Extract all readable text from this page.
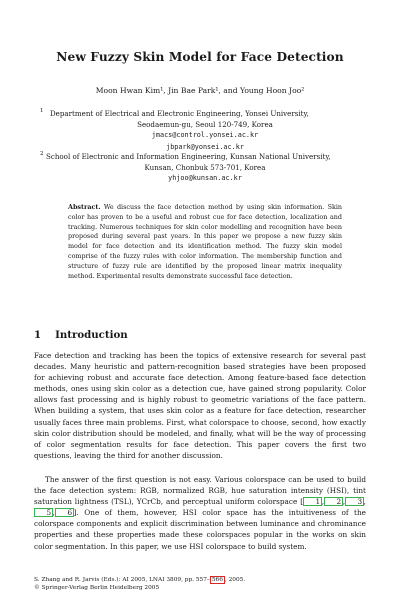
New Fuzzy Skin Model for Face Detection
Moon Hwan Kim¹, Jin Bae Park¹, and Young Hoon Joo²
1 Department of Electrical and Electronic Engineering, Yonsei University,
Seodaemun-gu, Seoul 120-749, Korea
jmacs@control.yonsei.ac.kr
jbpark@yonsei.ac.kr
2 School of Electronic and Information Engineering, Kunsan National University,
Kunsan, Chonbuk 573-701, Korea
yhjoo@kunsan.ac.kr
Abstract. We discuss the face detection method by using skin information. Skin color has proven to be a useful and robust cue for face detection, localization and tracking. Numerous techniques for skin color modelling and recognition have been proposed during several past years. In this paper we propose a new fuzzy skin model for face detection and its identification method. The fuzzy skin model comprise of the fuzzy rules with color information. The membership function and structure of fuzzy rule are identified by the proposed linear matrix inequality method. Experimental results demonstrate successful face detection.
1 Introduction
Face detection and tracking has been the topics of extensive research for several past decades. Many heuristic and pattern-recognition based strategies have been proposed for achieving robust and accurate face detection. Among feature-based face detection methods, ones using skin color as a detection cue, have gained strong popularity. Color allows fast processing and is highly robust to geometric variations of the face pattern. When building a system, that uses skin color as a feature for face detection, researcher usually faces three main problems. First, what colorspace to choose, second, how exactly skin color distribution should be modeled, and finally, what will be the way of processing of color segmentation results for face detection. This paper covers the first two questions, leaving the third for another discussion.
The answer of the first question is not easy. Various colorspace can be used to build the face detection system: RGB, normalized RGB, hue saturation intensity (HSI), tint saturation lightness (TSL), YCrCb, and perceptual uniform colorspace [ 1 , 2 , 3 ,5 , 6 ]. One of them, however, HSI color space has the intuitiveness of the colorspace components and explicit discrimination between luminance and chrominance properties and these properties made these colorspaces popular in the works on skin color segmentation. In this paper, we use HSI colorspace to build system.
S. Zhang and R. Jarvis (Eds.): AI 2005, LNAI 3809, pp. 557– 566 , 2005.
© Springer-Verlag Berlin Heidelberg 2005
